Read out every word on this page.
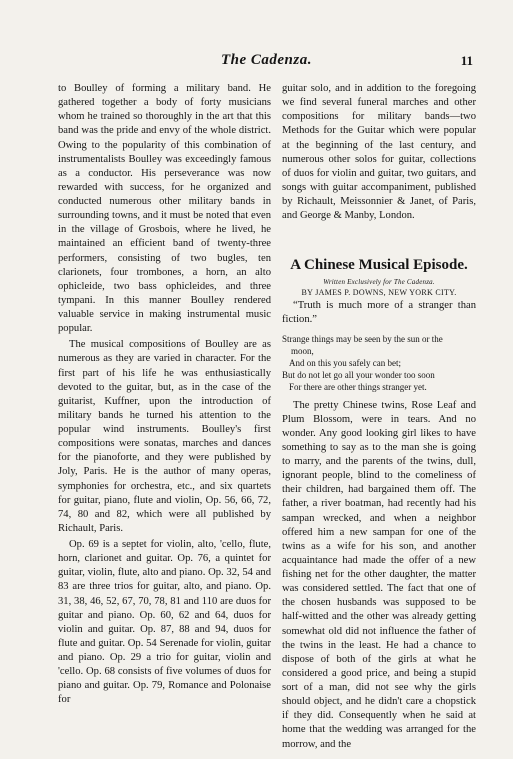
The Cadenza.	11

to Boulley of forming a military band. He gathered together a body of forty musicians whom he trained so thoroughly in the art that this band was the pride and envy of the whole district. Owing to the popularity of this combination of instrumentalists Boulley was exceedingly famous as a conductor. His perseverance was now rewarded with success, for he organized and conducted numerous other military bands in surrounding towns, and it must be noted that even in the village of Grosbois, where he lived, he maintained an efficient band of twenty-three performers, consisting of two bugles, ten clarionets, four trombones, a horn, an alto ophicleide, two bass ophicleides, and three tympani. In this manner Boulley rendered valuable service in making instrumental music popular.

The musical compositions of Boulley are as numerous as they are varied in character. For the first part of his life he was enthusiastically devoted to the guitar, but, as in the case of the guitarist, Kuffner, upon the introduction of military bands he turned his attention to the popular wind instruments. Boulley's first compositions were sonatas, marches and dances for the pianoforte, and they were published by Joly, Paris. He is the author of many operas, symphonies for orchestra, etc., and six quartets for guitar, piano, flute and violin, Op. 56, 66, 72, 74, 80 and 82, which were all published by Richault, Paris.

Op. 69 is a septet for violin, alto, 'cello, flute, horn, clarionet and guitar. Op. 76, a quintet for guitar, violin, flute, alto and piano. Op. 32, 54 and 83 are three trios for guitar, alto, and piano. Op. 31, 38, 46, 52, 67, 70, 78, 81 and 110 are duos for guitar and piano. Op. 60, 62 and 64, duos for violin and guitar. Op. 87, 88 and 94, duos for flute and guitar. Op. 54 Serenade for violin, guitar and piano. Op. 29 a trio for guitar, violin and 'cello. Op. 68 consists of five volumes of duos for piano and guitar. Op. 79, Romance and Polonaise for

guitar solo, and in addition to the foregoing we find several funeral marches and other compositions for military bands—two Methods for the Guitar which were popular at the beginning of the last century, and numerous other solos for guitar, collections of duos for violin and guitar, two guitars, and songs with guitar accompaniment, published by Richault, Meissonnier & Janet, of Paris, and George & Manby, London.

A Chinese Musical Episode.
Written Exclusively for The Cadenza.
BY JAMES P. DOWNS, NEW YORK CITY.

“Truth is much more of a stranger than fiction.”

Strange things may be seen by the sun or the
moon,
And on this you safely can bet;
But do not let go all your wonder too soon
For there are other things stranger yet.

The pretty Chinese twins, Rose Leaf and Plum Blossom, were in tears. And no wonder. Any good looking girl likes to have something to say as to the man she is going to marry, and the parents of the twins, dull, ignorant people, blind to the comeliness of their children, had bargained them off. The father, a river boatman, had recently had his sampan wrecked, and when a neighbor offered him a new sampan for one of the twins as a wife for his son, and another acquaintance had made the offer of a new fishing net for the other daughter, the matter was considered settled. The fact that one of the chosen husbands was supposed to be half-witted and the other was already getting somewhat old did not influence the father of the twins in the least. He had a chance to dispose of both of the girls at what he considered a good price, and being a stupid sort of a man, did not see why the girls should object, and he didn't care a chopstick if they did. Consequently when he said at home that the wedding was arranged for the morrow, and the
